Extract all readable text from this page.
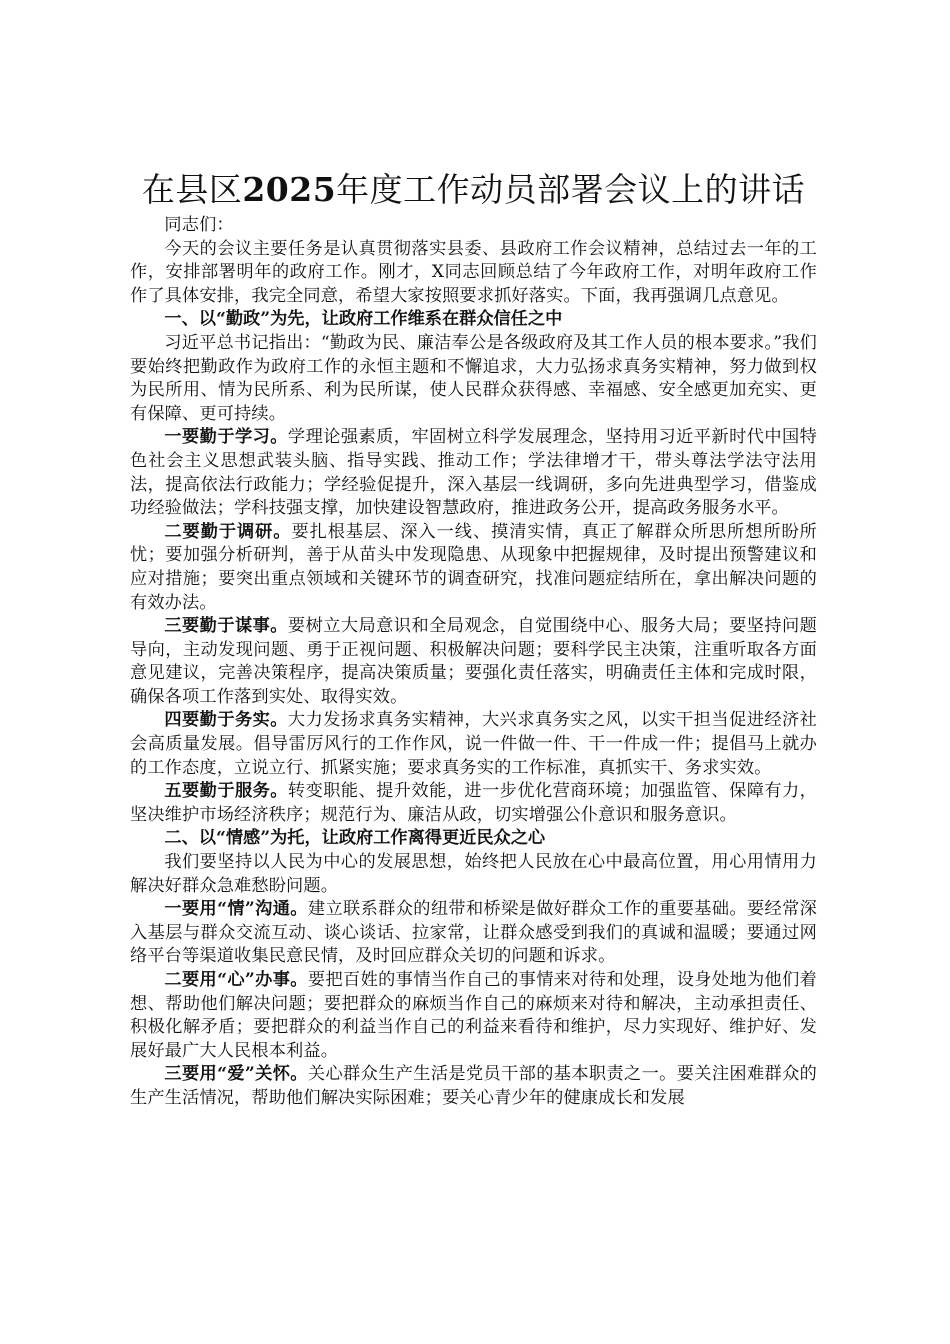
在县区2025年度工作动员部署会议上的讲话

同志们：

今天的会议主要任务是认真贯彻落实县委、县政府工作会议精神，总结过去一年的工作，安排部署明年的政府工作。刚才，X同志回顾总结了今年政府工作，对明年政府工作作了具体安排，我完全同意，希望大家按照要求抓好落实。下面，我再强调几点意见。

一、以“勤政”为先，让政府工作维系在群众信任之中

习近平总书记指出：“勤政为民、廉洁奉公是各级政府及其工作人员的根本要求。”我们要始终把勤政作为政府工作的永恒主题和不懈追求，大力弘扬求真务实精神，努力做到权为民所用、情为民所系、利为民所谋，使人民群众获得感、幸福感、安全感更加充实、更有保障、更可持续。

一要勤于学习。学理论强素质，牢固树立科学发展理念，坚持用习近平新时代中国特色社会主义思想武装头脑、指导实践、推动工作；学法律增才干，带头尊法学法守法用法，提高依法行政能力；学经验促提升，深入基层一线调研，多向先进典型学习，借鉴成功经验做法；学科技强支撑，加快建设智慧政府，推进政务公开，提高政务服务水平。

二要勤于调研。要扎根基层、深入一线、摸清实情，真正了解群众所思所想所盼所忧；要加强分析研判，善于从苗头中发现隐患、从现象中把握规律，及时提出预警建议和应对措施；要突出重点领域和关键环节的调查研究，找准问题症结所在，拿出解决问题的有效办法。

三要勤于谋事。要树立大局意识和全局观念，自觉围绕中心、服务大局；要坚持问题导向，主动发现问题、勇于正视问题、积极解决问题；要科学民主决策，注重听取各方面意见建议，完善决策程序，提高决策质量；要强化责任落实，明确责任主体和完成时限，确保各项工作落到实处、取得实效。

四要勤于务实。大力发扬求真务实精神，大兴求真务实之风，以实干担当促进经济社会高质量发展。倡导雷厉风行的工作作风，说一件做一件、干一件成一件；提倡马上就办的工作态度，立说立行、抓紧实施；要求真务实的工作标准，真抓实干、务求实效。

五要勤于服务。转变职能、提升效能，进一步优化营商环境；加强监管、保障有力，坚决维护市场经济秩序；规范行为、廉洁从政，切实增强公仆意识和服务意识。

二、以“情感”为托，让政府工作离得更近民众之心

我们要坚持以人民为中心的发展思想，始终把人民放在心中最高位置，用心用情用力解决好群众急难愁盼问题。

一要用“情”沟通。建立联系群众的纽带和桥梁是做好群众工作的重要基础。要经常深入基层与群众交流互动、谈心谈话、拉家常，让群众感受到我们的真诚和温暖；要通过网络平台等渠道收集民意民情，及时回应群众关切的问题和诉求。

二要用“心”办事。要把百姓的事情当作自己的事情来对待和处理，设身处地为他们着想、帮助他们解决问题；要把群众的麻烦当作自己的麻烦来对待和解决，主动承担责任、积极化解矛盾；要把群众的利益当作自己的利益来看待和维护，尽力实现好、维护好、发展好最广大人民根本利益。

三要用“爱”关怀。关心群众生产生活是党员干部的基本职责之一。要关注困难群众的生产生活情况，帮助他们解决实际困难；要关心青少年的健康成长和发展
